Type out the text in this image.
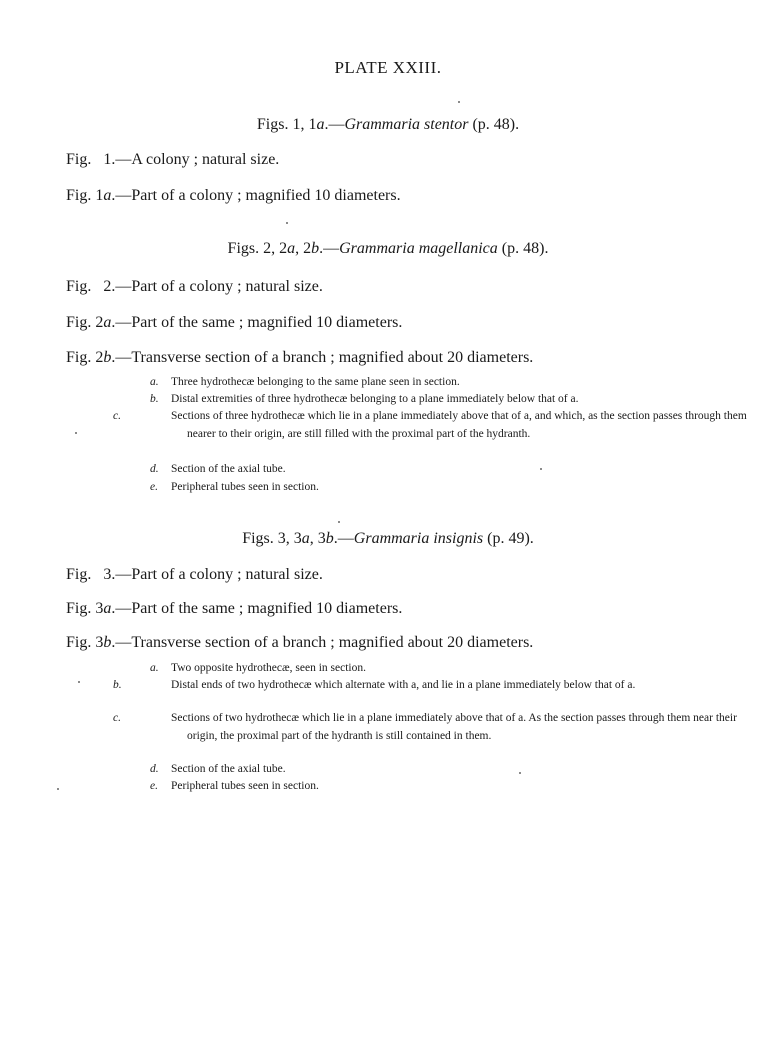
PLATE XXIII.
Figs. 1, 1a.—Grammaria stentor (p. 48).
Fig.   1.—A colony ; natural size.
Fig. 1a.—Part of a colony ; magnified 10 diameters.
Figs. 2, 2a, 2b.—Grammaria magellanica (p. 48).
Fig.   2.—Part of a colony ; natural size.
Fig. 2a.—Part of the same ; magnified 10 diameters.
Fig. 2b.—Transverse section of a branch ; magnified about 20 diameters.
a. Three hydrothecæ belonging to the same plane seen in section.
b. Distal extremities of three hydrothecæ belonging to a plane immediately below that of a.
c.	Sections of three hydrothecæ which lie in a plane immediately above that of a, and which, as the section passes through them nearer to their origin, are still filled with the proximal part of the hydranth.
d. Section of the axial tube.
e. Peripheral tubes seen in section.
Figs. 3, 3a, 3b.—Grammaria insignis (p. 49).
Fig.   3.—Part of a colony ; natural size.
Fig. 3a.—Part of the same ; magnified 10 diameters.
Fig. 3b.—Transverse section of a branch ; magnified about 20 diameters.
a. Two opposite hydrothecæ, seen in section.
b.	Distal ends of two hydrothecæ which alternate with a, and lie in a plane immediately below that of a.
c.	Sections of two hydrothecæ which lie in a plane immediately above that of a. As the section passes through them near their origin, the proximal part of the hydranth is still contained in them.
d. Section of the axial tube.
e. Peripheral tubes seen in section.
